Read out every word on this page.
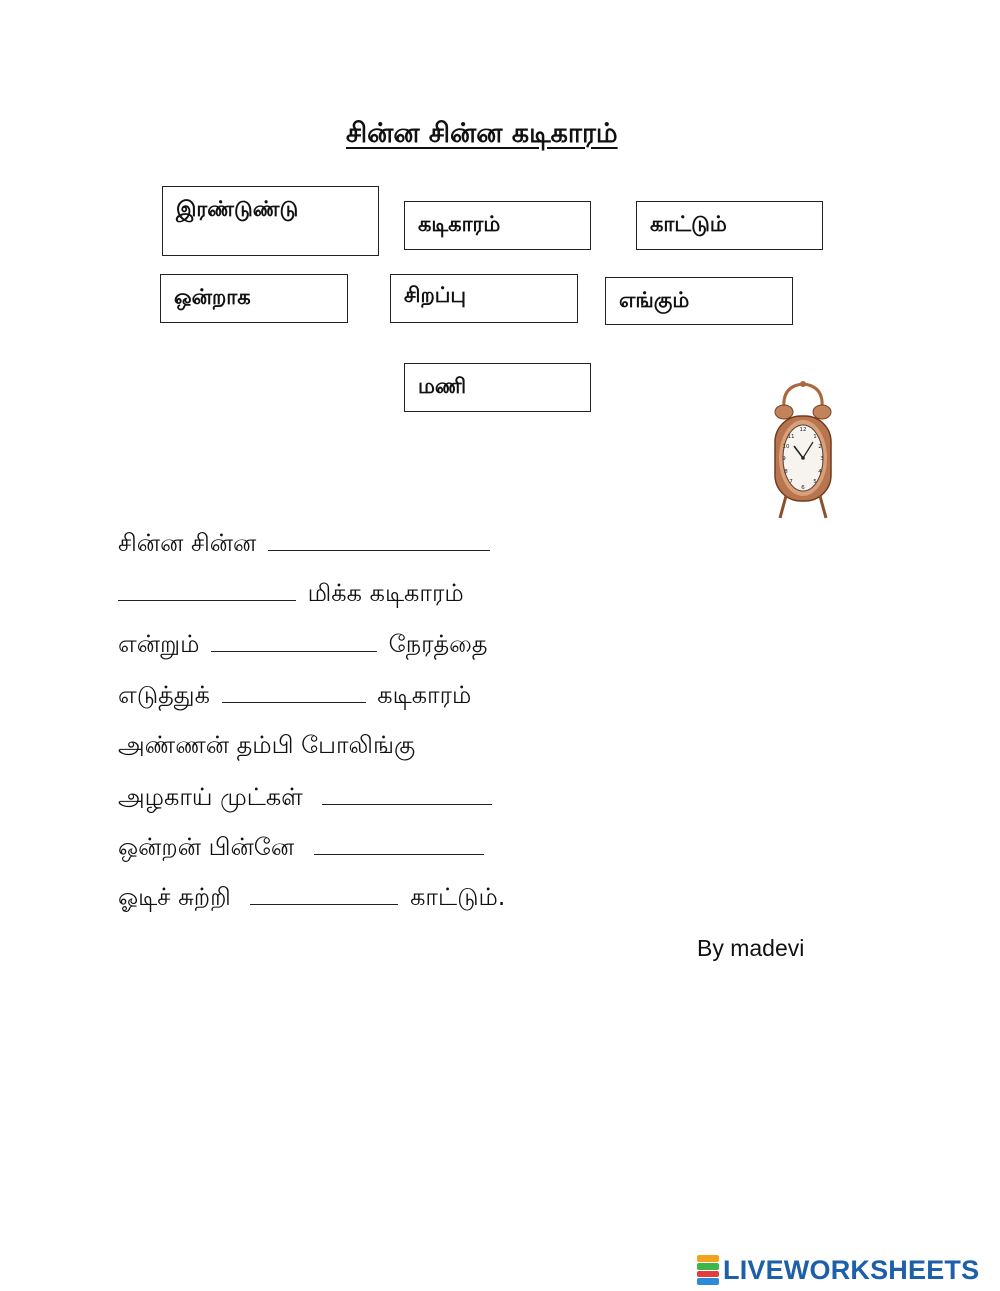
சின்ன சின்ன கடிகாரம்
இரண்டுண்டு
கடிகாரம்	காட்டும்
ஒன்றாக	சிறப்பு	எங்கும்
மணி
12
1
2
3
4
5
6
7
8
9
10
11
சின்ன சின்ன
மிக்க கடிகாரம்
என்றும்	நேரத்தை
எடுத்துக்	கடிகாரம்
அண்ணன் தம்பி போலிங்கு
அழகாய் முட்கள்
ஒன்றன் பின்னே
ஓடிச் சுற்றி	காட்டும்.
By madevi
LIVEWORKSHEETS
